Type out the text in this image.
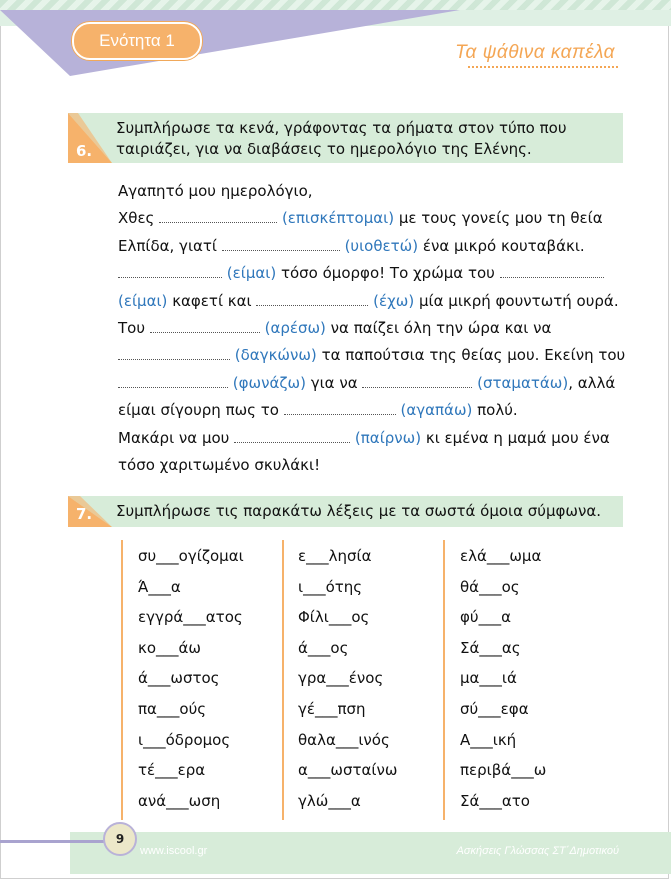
Ενότητα 1
Τα ψάθινα καπέλα
6.
Συμπλήρωσε τα κενά, γράφοντας τα ρήματα στον τύπο που
ταιριάζει, για να διαβάσεις το ημερολόγιο της Ελένης.
Αγαπητό μου ημερολόγιο,
Χθες	(επισκέπτομαι) με τους γονείς μου τη θεία
Ελπίδα, γιατί	(υιοθετώ) ένα μικρό κουταβάκι.
(είμαι) τόσο όμορφο! Το χρώμα του
(είμαι) καφετί και	(έχω) μία μικρή φουντωτή ουρά.
Του	(αρέσω) να παίζει όλη την ώρα και να
(δαγκώνω) τα παπούτσια της θείας μου. Εκείνη του
(φωνάζω) για να	(σταματάω), αλλά
είμαι σίγουρη πως το	(αγαπάω) πολύ.
Μακάρι να μου	(παίρνω) κι εμένα η μαμά μου ένα
τόσο χαριτωμένο σκυλάκι!
7. Συμπλήρωσε τις παρακάτω λέξεις με τα σωστά όμοια σύμφωνα.
συ___ογίζομαι
Ά___α
εγγρά___ατος
κο___άω
ά___ωστος
πα___ούς
ι___όδρομος
τέ___ερα
ανά___ωση
ε___λησία
ι___ότης
Φίλι___ος
ά___ος
γρα___ένος
γέ___πση
θαλα___ινός
α___ωσταίνω
γλώ___α
ελά___ωμα
θά___ος
φύ___α
Σά___ας
μα___ιά
σύ___εφα
Α___ική
περιβά___ω
Σά___ατο
9
www.iscool.gr	Ασκήσεις Γλώσσας ΣΤ΄Δημοτικού
